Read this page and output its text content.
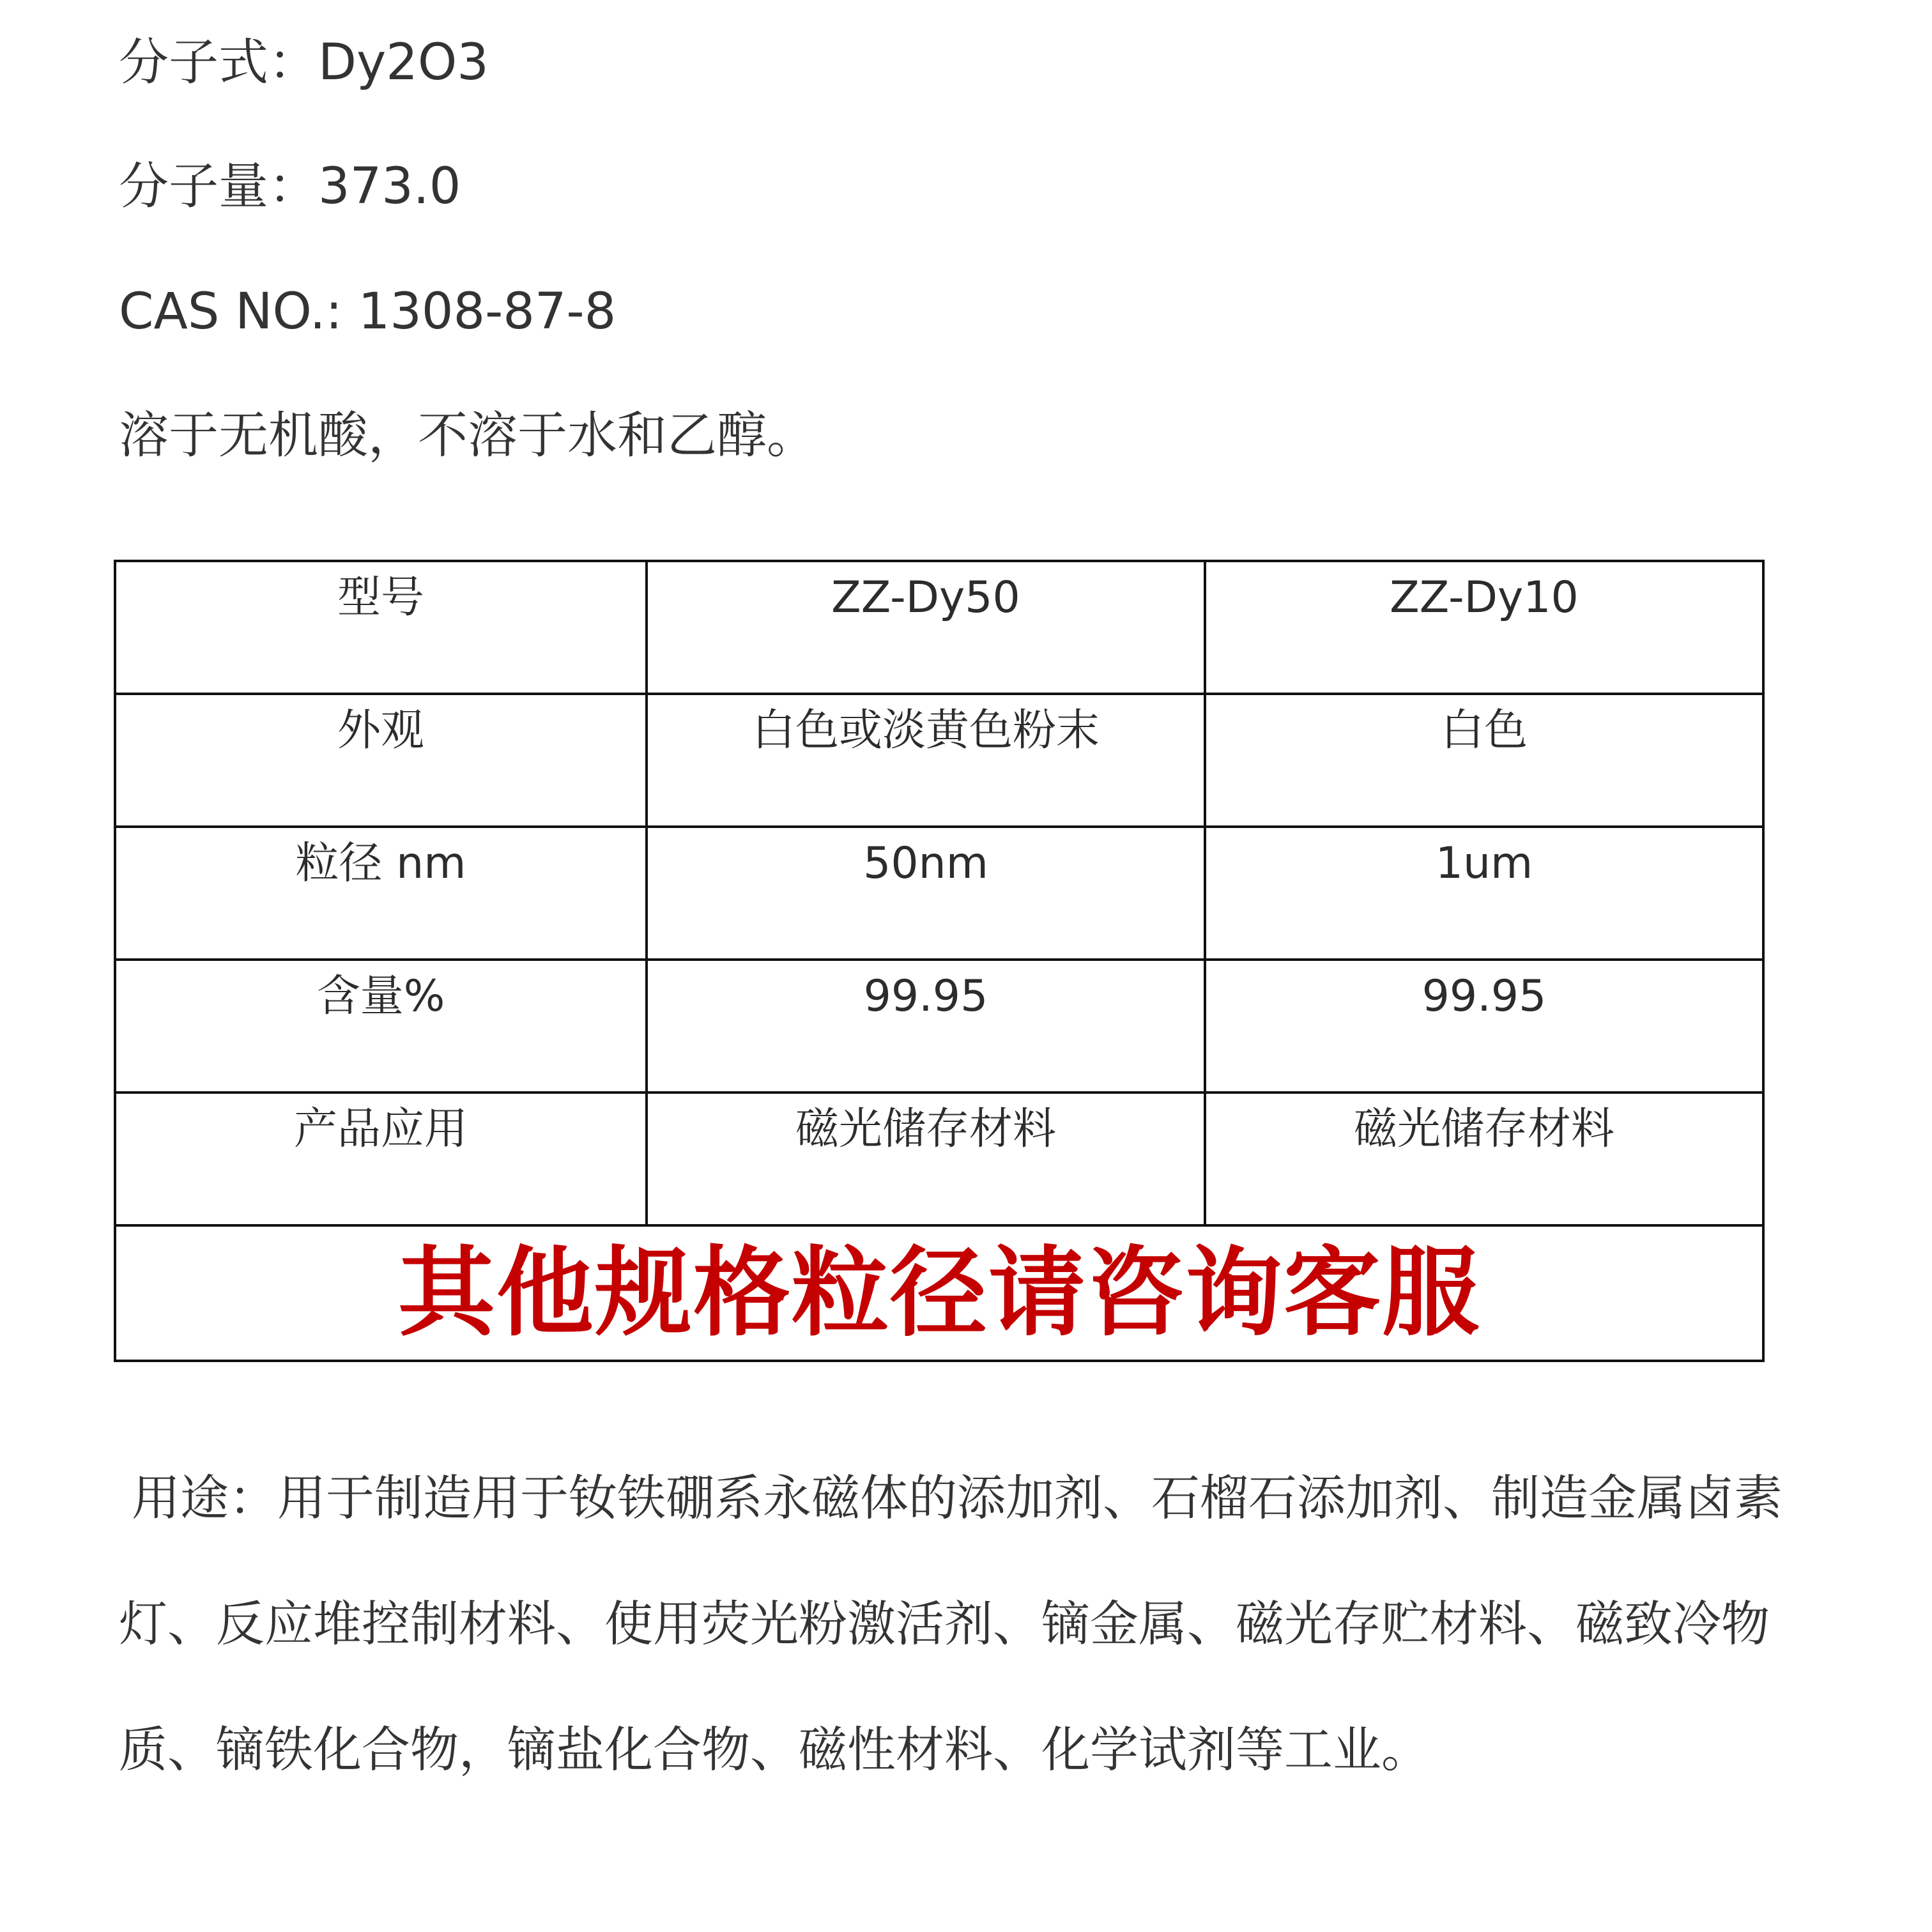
分子式：Dy2O3
分子量：373.0
CAS NO.: 1308-87-8
溶于无机酸，不溶于水和乙醇。
型号	ZZ-Dy50	ZZ-Dy10
外观	白色或淡黄色粉末	白色
粒径 nm	50nm	1um
含量%	99.95	99.95
产品应用	磁光储存材料	磁光储存材料
其他规格粒径请咨询客服		

用途：用于制造用于钕铁硼系永磁体的添加剂、石榴石添加剂、制造金属卤素灯、反应堆控制材料、使用荧光粉激活剂、镝金属、磁光存贮材料、磁致冷物质、镝铁化合物，镝盐化合物、磁性材料、化学试剂等工业。
